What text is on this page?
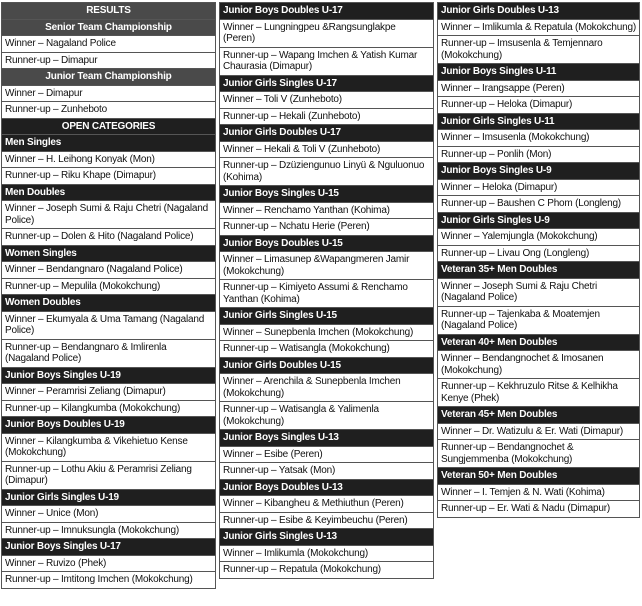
RESULTS
Senior Team Championship
Winner – Nagaland Police
Runner-up – Dimapur
Junior Team Championship
Winner – Dimapur
Runner-up – Zunheboto
OPEN CATEGORIES
Men Singles
Winner – H. Leihong Konyak (Mon)
Runner-up – Riku Khape (Dimapur)
Men Doubles
Winner – Joseph Sumi & Raju Chetri (Nagaland Police)
Runner-up – Dolen & Hito (Nagaland Police)
Women Singles
Winner – Bendangnaro (Nagaland Police)
Runner-up – Mepulila (Mokokchung)
Women Doubles
Winner – Ekumyala & Uma Tamang (Nagaland Police)
Runner-up – Bendangnaro & Imlirenla (Nagaland Police)
Junior Boys Singles U-19
Winner – Peramrisi Zeliang (Dimapur)
Runner-up – Kilangkumba (Mokokchung)
Junior Boys Doubles U-19
Winner – Kilangkumba & Vikehietuo Kense (Mokokchung)
Runner-up – Lothu Akiu & Peramrisi Zeliang (Dimapur)
Junior Girls Singles U-19
Winner – Unice (Mon)
Runner-up – Imnuksungla (Mokokchung)
Junior Boys Singles U-17
Winner – Ruvizo (Phek)
Runner-up – Imtitong Imchen (Mokokchung)
Junior Boys Doubles U-17
Winner – Lungningpeu &Rangsunglakpe (Peren)
Runner-up – Wapang Imchen & Yatish Kumar Chaurasia (Dimapur)
Junior Girls Singles U-17
Winner – Toli V (Zunheboto)
Runner-up – Hekali (Zunheboto)
Junior Girls Doubles U-17
Winner – Hekali & Toli V (Zunheboto)
Runner-up – Dzüziengunuo Linyü & Nguluonuo (Kohima)
Junior Boys Singles U-15
Winner – Renchamo Yanthan (Kohima)
Runner-up – Nchatu Herie (Peren)
Junior Boys Doubles U-15
Winner – Limasunep &Wapangmeren Jamir (Mokokchung)
Runner-up – Kimiyeto Assumi & Renchamo Yanthan (Kohima)
Junior Girls Singles U-15
Winner – Sunepbenla Imchen (Mokokchung)
Runner-up – Watisangla (Mokokchung)
Junior Girls Doubles U-15
Winner – Arenchila & Sunepbenla Imchen (Mokokchung)
Runner-up – Watisangla & Yalimenla (Mokokchung)
Junior Boys Singles U-13
Winner – Esibe (Peren)
Runner-up – Yatsak (Mon)
Junior Boys Doubles U-13
Winner – Kibangheu & Methiuthun (Peren)
Runner-up – Esibe & Keyimbeuchu (Peren)
Junior Girls Singles U-13
Winner – Imlikumla (Mokokchung)
Runner-up – Repatula (Mokokchung)
Junior Girls Doubles U-13
Winner – Imlikumla & Repatula (Mokokchung)
Runner-up – Imsusenla & Temjennaro (Mokokchung)
Junior Boys Singles U-11
Winner – Irangsappe (Peren)
Runner-up – Heloka (Dimapur)
Junior Girls Singles U-11
Winner – Imsusenla (Mokokchung)
Runner-up – Ponlih (Mon)
Junior Boys Singles U-9
Winner – Heloka (Dimapur)
Runner-up – Baushen C Phom (Longleng)
Junior Girls Singles U-9
Winner – Yalemjungla (Mokokchung)
Runner-up – Livau Ong (Longleng)
Veteran 35+ Men Doubles
Winner – Joseph Sumi & Raju Chetri (Nagaland Police)
Runner-up – Tajenkaba & Moatemjen (Nagaland Police)
Veteran 40+ Men Doubles
Winner – Bendangnochet & Imosanen (Mokokchung)
Runner-up – Kekhruzulo Ritse & Kelhikha Kenye (Phek)
Veteran 45+ Men Doubles
Winner – Dr. Watizulu & Er. Wati (Dimapur)
Runner-up – Bendangnochet & Sungjemmenba (Mokokchung)
Veteran 50+ Men Doubles
Winner – I. Temjen & N. Wati (Kohima)
Runner-up – Er. Wati & Nadu (Dimapur)
